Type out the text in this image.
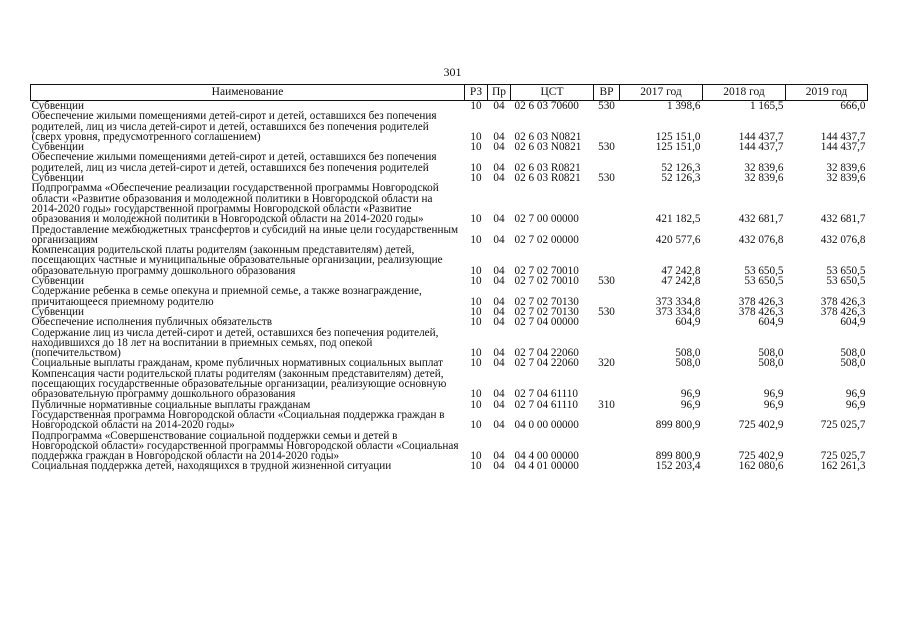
301
Наименование	РЗ	Пр	ЦСТ	ВР	2017 год	2018 год	2019 год
Субвенции	10	04	02 6 03 70600	530	1 398,6	1 165,5	666,0
Обеспечение жилыми помещениями детей-сирот и детей, оставшихся без попечения родителей, лиц из числа детей-сирот и детей, оставшихся без попечения родителей (сверх уровня, предусмотренного соглашением)	10	04	02 6 03 N0821		125 151,0	144 437,7	144 437,7
Субвенции	10	04	02 6 03 N0821	530	125 151,0	144 437,7	144 437,7
Обеспечение жилыми помещениями детей-сирот и детей, оставшихся без попечения родителей, лиц из числа детей-сирот и детей, оставшихся без попечения родителей	10	04	02 6 03 R0821		52 126,3	32 839,6	32 839,6
Субвенции	10	04	02 6 03 R0821	530	52 126,3	32 839,6	32 839,6
Подпрограмма «Обеспечение реализации государственной программы Новгородской области «Развитие образования и молодежной политики в Новгородской области на 2014-2020 годы» государственной программы Новгородской области «Развитие образования и молодежной политики в Новгородской области на 2014-2020 годы»	10	04	02 7 00 00000		421 182,5	432 681,7	432 681,7
Предоставление межбюджетных трансфертов и субсидий на иные цели государственным организациям	10	04	02 7 02 00000		420 577,6	432 076,8	432 076,8
Компенсация родительской платы родителям (законным представителям) детей, посещающих частные и муниципальные образовательные организации, реализующие образовательную программу дошкольного образования	10	04	02 7 02 70010		47 242,8	53 650,5	53 650,5
Субвенции	10	04	02 7 02 70010	530	47 242,8	53 650,5	53 650,5
Содержание ребенка в семье опекуна и приемной семье, а также вознаграждение, причитающееся приемному родителю	10	04	02 7 02 70130		373 334,8	378 426,3	378 426,3
Субвенции	10	04	02 7 02 70130	530	373 334,8	378 426,3	378 426,3
Обеспечение исполнения публичных обязательств	10	04	02 7 04 00000		604,9	604,9	604,9
Содержание лиц из числа детей-сирот и детей, оставшихся без попечения родителей, находившихся до 18 лет на воспитании в приемных семьях, под опекой (попечительством)	10	04	02 7 04 22060		508,0	508,0	508,0
Социальные выплаты гражданам, кроме публичных нормативных социальных выплат	10	04	02 7 04 22060	320	508,0	508,0	508,0
Компенсация части родительской платы родителям (законным представителям) детей, посещающих государственные образовательные организации, реализующие основную образовательную программу дошкольного образования	10	04	02 7 04 61110		96,9	96,9	96,9
Публичные нормативные социальные выплаты гражданам	10	04	02 7 04 61110	310	96,9	96,9	96,9
Государственная программа Новгородской области «Социальная поддержка граждан в Новгородской области на 2014-2020 годы»	10	04	04 0 00 00000		899 800,9	725 402,9	725 025,7
Подпрограмма «Совершенствование социальной поддержки семьи и детей в Новгородской области» государственной программы Новгородской области «Социальная поддержка граждан в Новгородской области на 2014-2020 годы»	10	04	04 4 00 00000		899 800,9	725 402,9	725 025,7
Социальная поддержка детей, находящихся в трудной жизненной ситуации	10	04	04 4 01 00000		152 203,4	162 080,6	162 261,3
